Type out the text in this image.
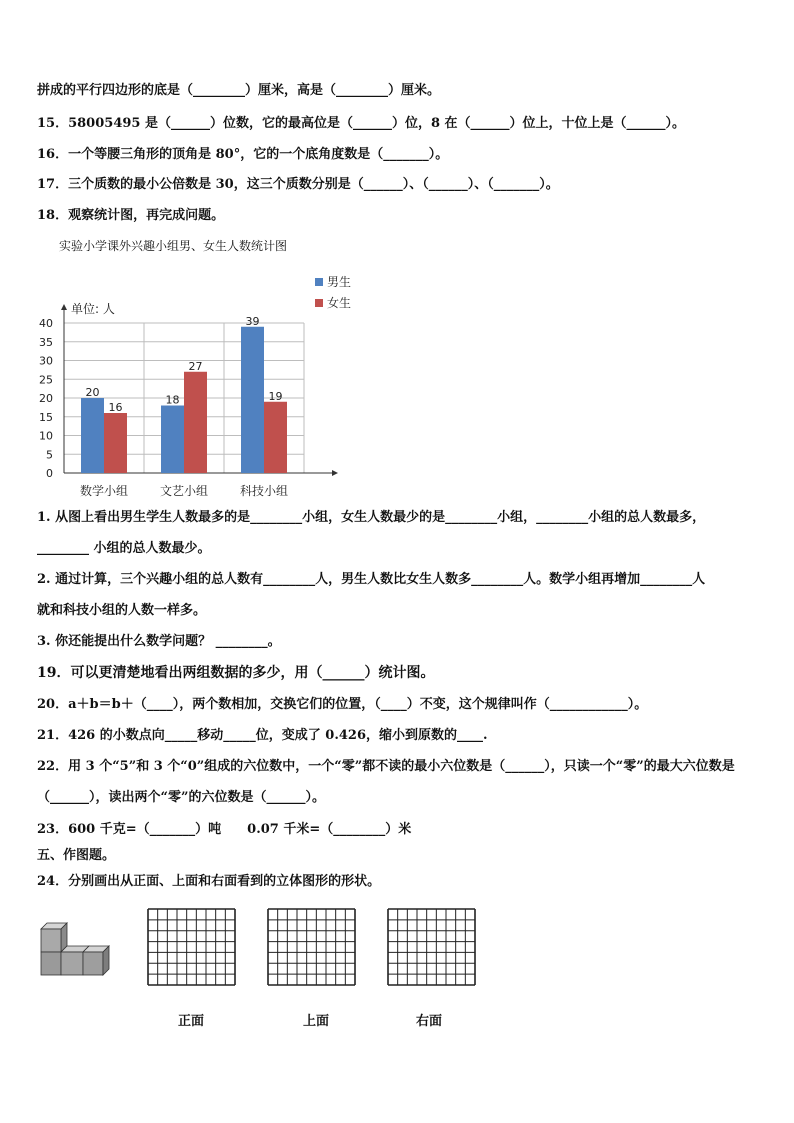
拼成的平行四边形的底是（________）厘米，高是（________）厘米。
15．58005495 是（______）位数，它的最高位是（______）位，8 在（______）位上，十位上是（______）。
16．一个等腰三角形的顶角是 80°，它的一个底角度数是（_______）。
17．三个质数的最小公倍数是 30，这三个质数分别是（______）、（______）、（_______）。
18．观察统计图，再完成问题。
实验小学课外兴趣小组男、女生人数统计图
20
16
18
27
39
19
0
5
10
15
20
25
30
35
40
数学小组	文艺小组	科技小组
男生
女生
单位: 人
1. 从图上看出男生学生人数最多的是________小组，女生人数最少的是________小组，________小组的总人数最多，
________ 小组的总人数最少。
2. 通过计算，三个兴趣小组的总人数有________人，男生人数比女生人数多________人。数学小组再增加________人
就和科技小组的人数一样多。
3. 你还能提出什么数学问题？ ________。
19．可以更清楚地看出两组数据的多少，用（______）统计图。
20．a＋b＝b＋（____），两个数相加，交换它们的位置，（____）不变，这个规律叫作（____________）。
21．426 的小数点向_____移动_____位，变成了 0.426，缩小到原数的____.
22．用 3 个“5”和 3 个“0”组成的六位数中，一个“零”都不读的最小六位数是（______），只读一个“零”的最大六位数是
（______），读出两个“零”的六位数是（______）。
23．600 千克=（_______）吨　　0.07 千米=（________）米
五、作图题。
24．分别画出从正面、上面和右面看到的立体图形的形状。
正面	上面	右面
